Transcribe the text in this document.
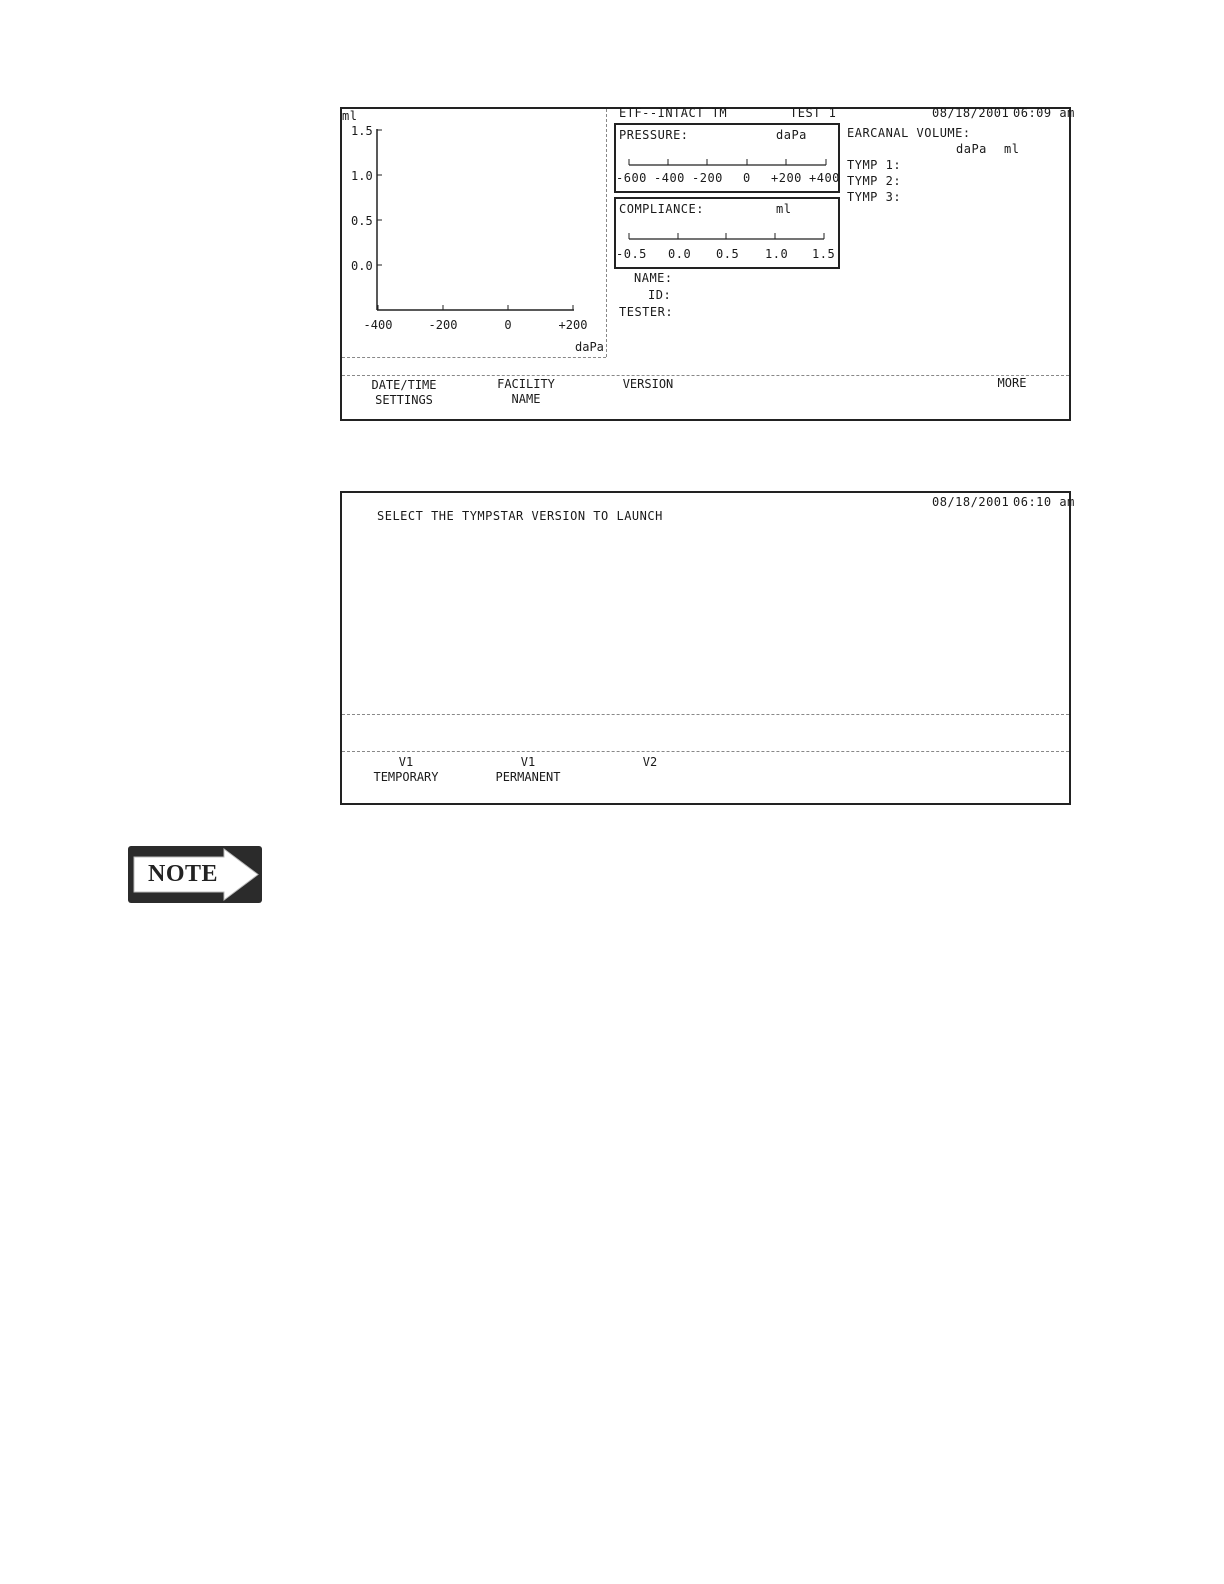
ml
1.5
1.0
0.5
0.0
-400	-200	0	+200
daPa
ETF--INTACT TM	TEST 1	08/18/2001 06:09 am
PRESSURE:	daPa
-600 -400 -200 0 +200 +400
COMPLIANCE:	ml
-0.5 0.0 0.5 1.0 1.5
EARCANAL VOLUME:
daPa ml
TYMP 1:
TYMP 2:
TYMP 3:
NAME:
ID:
TESTER:
DATE/TIME
SETTINGS
FACILITY
NAME
VERSION	MORE
SELECT THE TYMPSTAR VERSION TO LAUNCH
08/18/2001 06:10 am
V1
TEMPORARY
V1
PERMANENT
V2
NOTE
